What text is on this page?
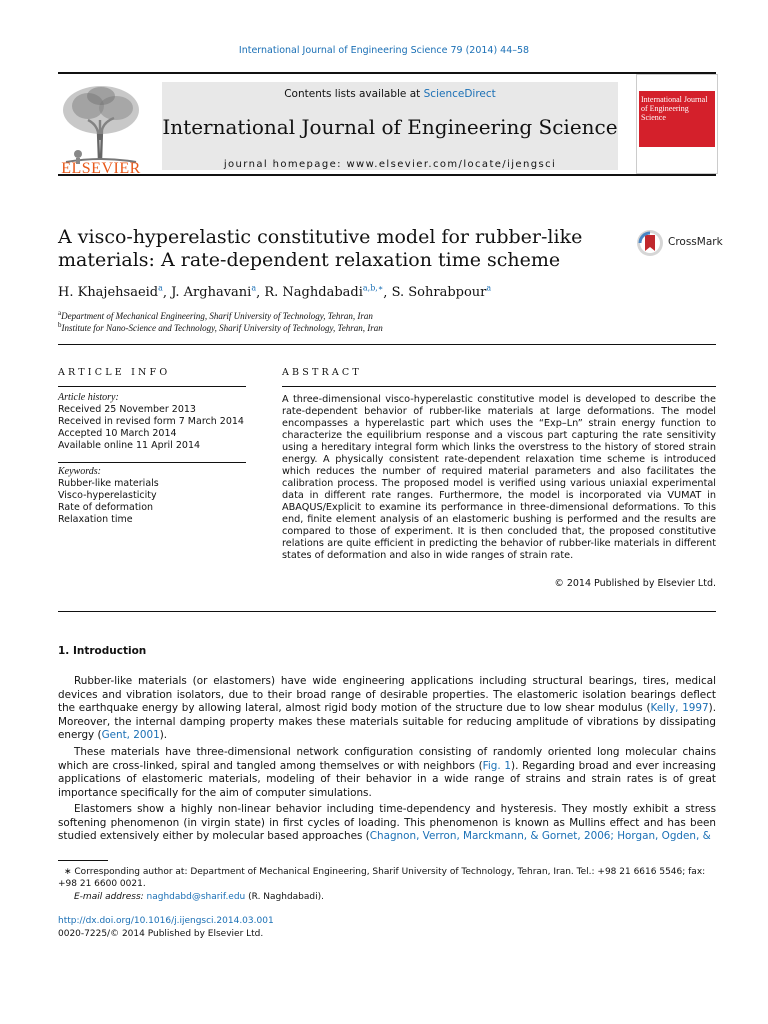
International Journal of Engineering Science 79 (2014) 44–58
ELSEVIER
Contents lists available at ScienceDirect
International Journal of Engineering Science
journal homepage: www.elsevier.com/locate/ijengsci
International Journal of Engineering Science
A visco-hyperelastic constitutive model for rubber-like
materials: A rate-dependent relaxation time scheme
CrossMark
H. Khajehsaeid$^a$, J. Arghavani$^a$, R. Naghdabadi$^{a,b,∗}$, S. Sohrabpour$^a$
$^a$Department of Mechanical Engineering, Sharif University of Technology, Tehran, Iran
$^b$Institute for Nano-Science and Technology, Sharif University of Technology, Tehran, Iran
ARTICLE INFO	ABSTRACT
Article history:
Received 25 November 2013
Received in revised form 7 March 2014
Accepted 10 March 2014
Available online 11 April 2014
Keywords:
Rubber-like materials
Visco-hyperelasticity
Rate of deformation
Relaxation time
A three-dimensional visco-hyperelastic constitutive model is developed to describe the rate-dependent behavior of rubber-like materials at large deformations. The model encompasses a hyperelastic part which uses the “Exp–Ln” strain energy function to characterize the equilibrium response and a viscous part capturing the rate sensitivity using a hereditary integral form which links the overstress to the history of stored strain energy. A physically consistent rate-dependent relaxation time scheme is introduced which reduces the number of required material parameters and also facilitates the calibration process. The proposed model is verified using various uniaxial experimental data in different rate ranges. Furthermore, the model is incorporated via VUMAT in ABAQUS/Explicit to examine its performance in three-dimensional deformations. To this end, finite element analysis of an elastomeric bushing is performed and the results are compared to those of experiment. It is then concluded that, the proposed constitutive relations are quite efficient in predicting the behavior of rubber-like materials in different states of deformation and also in wide ranges of strain rate.
© 2014 Published by Elsevier Ltd.
1. Introduction
Rubber-like materials (or elastomers) have wide engineering applications including structural bearings, tires, medical devices and vibration isolators, due to their broad range of desirable properties. The elastomeric isolation bearings deflect the earthquake energy by allowing lateral, almost rigid body motion of the structure due to low shear modulus (Kelly, 1997). Moreover, the internal damping property makes these materials suitable for reducing amplitude of vibrations by dissipating energy (Gent, 2001).
These materials have three-dimensional network configuration consisting of randomly oriented long molecular chains which are cross-linked, spiral and tangled among themselves or with neighbors (Fig. 1). Regarding broad and ever increasing applications of elastomeric materials, modeling of their behavior in a wide range of strains and strain rates is of great importance specifically for the aim of computer simulations.
Elastomers show a highly non-linear behavior including time-dependency and hysteresis. They mostly exhibit a stress softening phenomenon (in virgin state) in first cycles of loading. This phenomenon is known as Mullins effect and has been studied extensively either by molecular based approaches (Chagnon, Verron, Marckmann, & Gornet, 2006; Horgan, Ogden, &
∗ Corresponding author at: Department of Mechanical Engineering, Sharif University of Technology, Tehran, Iran. Tel.: +98 21 6616 5546; fax: +98 21 6600 0021.
E-mail address: naghdabd@sharif.edu (R. Naghdabadi).
http://dx.doi.org/10.1016/j.ijengsci.2014.03.001
0020-7225/© 2014 Published by Elsevier Ltd.
